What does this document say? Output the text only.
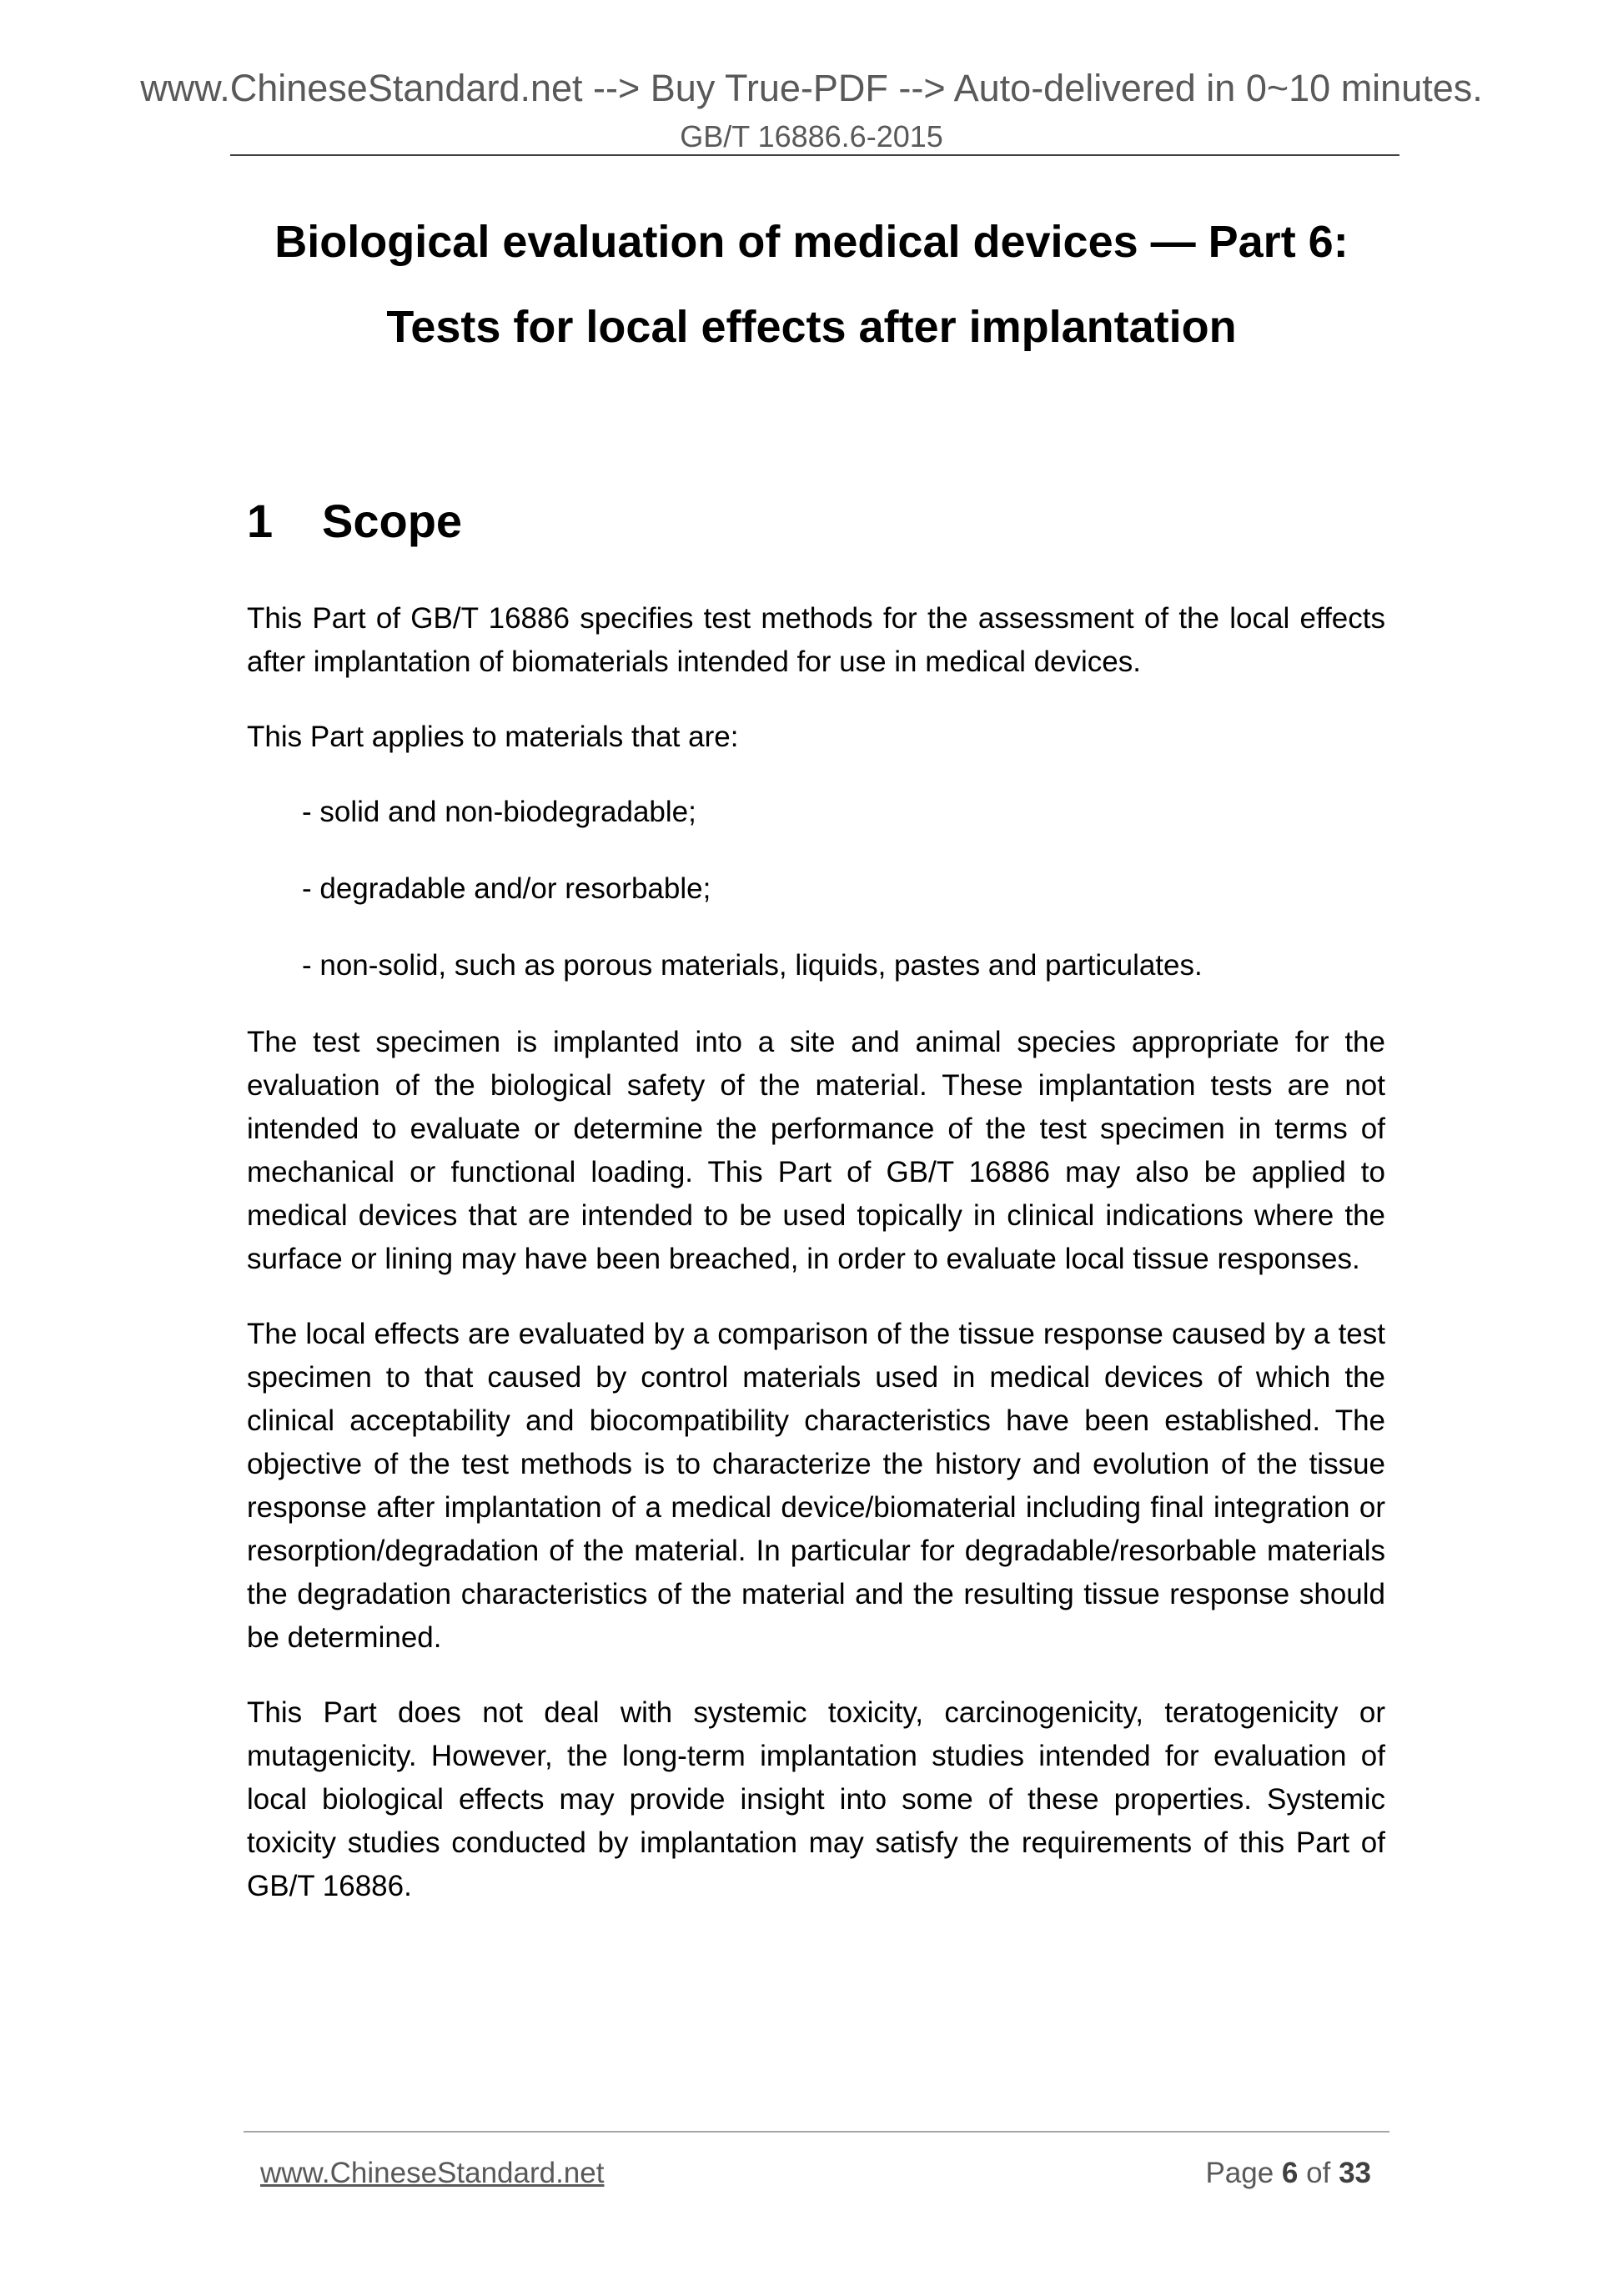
www.ChineseStandard.net --> Buy True-PDF --> Auto-delivered in 0~10 minutes.
GB/T 16886.6-2015
Biological evaluation of medical devices — Part 6:
Tests for local effects after implantation
1 Scope

This Part of GB/T 16886 specifies test methods for the assessment of the local effects after implantation of biomaterials intended for use in medical devices.

This Part applies to materials that are:

- solid and non-biodegradable;
- degradable and/or resorbable;
- non-solid, such as porous materials, liquids, pastes and particulates.

The test specimen is implanted into a site and animal species appropriate for the evaluation of the biological safety of the material. These implantation tests are not intended to evaluate or determine the performance of the test specimen in terms of mechanical or functional loading. This Part of GB/T 16886 may also be applied to medical devices that are intended to be used topically in clinical indications where the surface or lining may have been breached, in order to evaluate local tissue responses.

The local effects are evaluated by a comparison of the tissue response caused by a test specimen to that caused by control materials used in medical devices of which the clinical acceptability and biocompatibility characteristics have been established. The objective of the test methods is to characterize the history and evolution of the tissue response after implantation of a medical device/biomaterial including final integration or resorption/degradation of the material. In particular for degradable/resorbable materials the degradation characteristics of the material and the resulting tissue response should be determined.

This Part does not deal with systemic toxicity, carcinogenicity, teratogenicity or mutagenicity. However, the long-term implantation studies intended for evaluation of local biological effects may provide insight into some of these properties. Systemic toxicity studies conducted by implantation may satisfy the requirements of this Part of GB/T 16886.

www.ChineseStandard.net	Page 6 of 33
